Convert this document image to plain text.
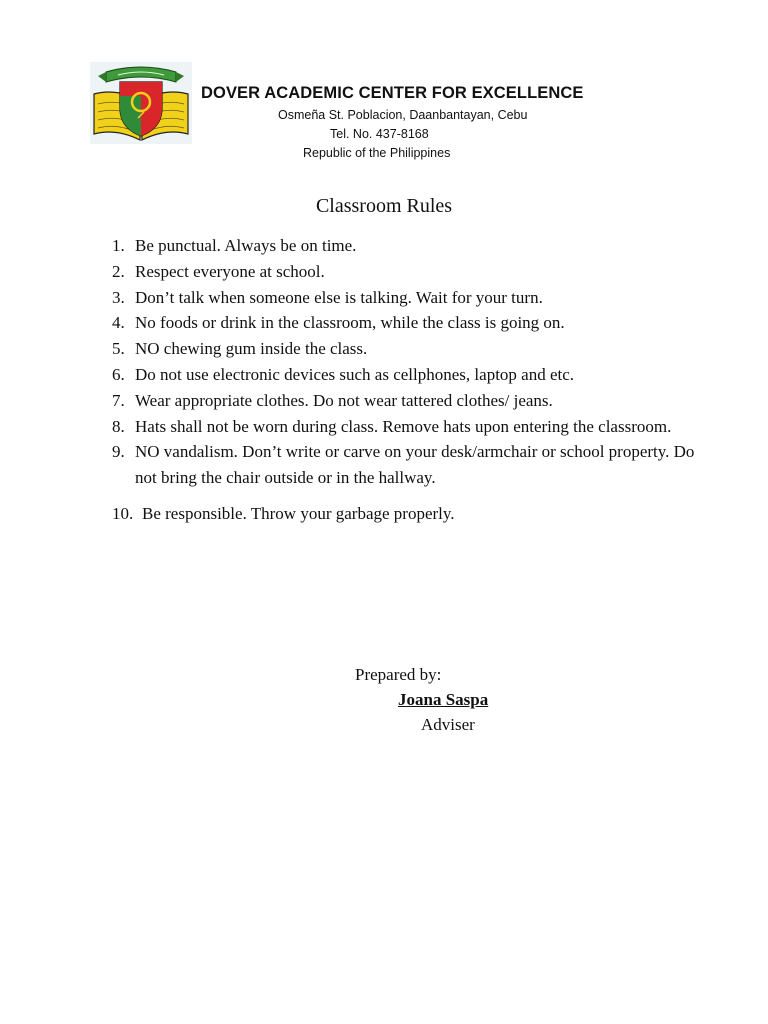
DOVER ACADEMIC CENTER FOR EXCELLENCE
Osmeña St. Poblacion, Daanbantayan, Cebu
Tel. No. 437-8168
Republic of the Philippines
Classroom Rules
1. Be punctual. Always be on time.
2. Respect everyone at school.
3. Don’t talk when someone else is talking. Wait for your turn.
4. No foods or drink in the classroom, while the class is going on.
5. NO chewing gum inside the class.
6. Do not use electronic devices such as cellphones, laptop and etc.
7. Wear appropriate clothes. Do not wear tattered clothes/ jeans.
8. Hats shall not be worn during class. Remove hats upon entering the classroom.
9. NO vandalism. Don’t write or carve on your desk/armchair or school property. Do not bring the chair outside or in the hallway.
10. Be responsible. Throw your garbage properly.
Prepared by:
Joana Saspa
Adviser
